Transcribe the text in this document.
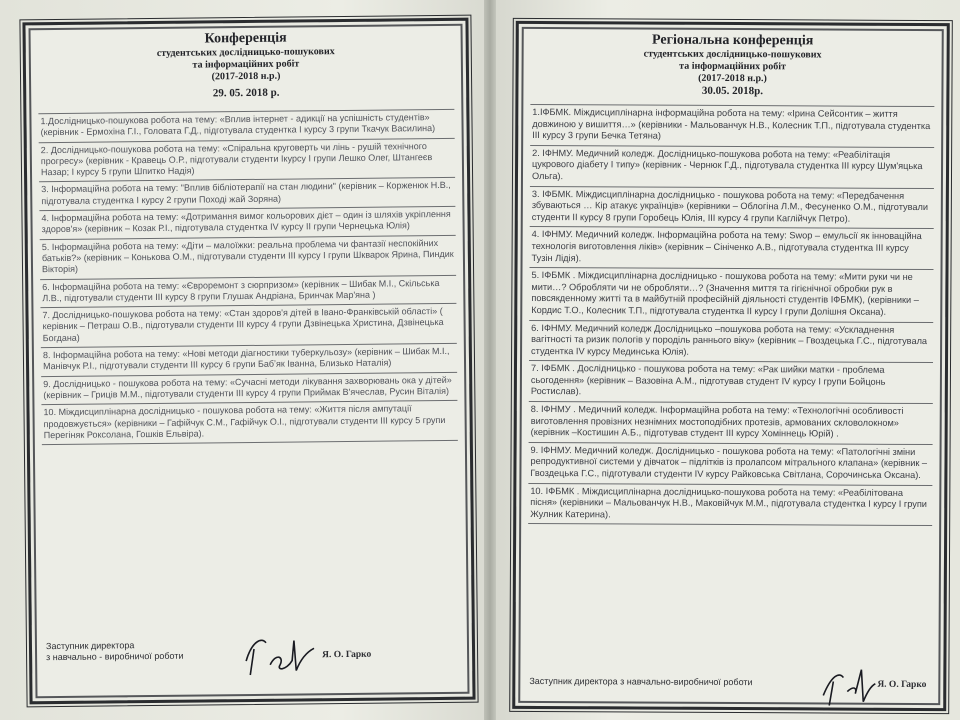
Конференція
студентських дослідницько-пошукових
та інформаційних робіт
(2017-2018 н.р.)
29. 05. 2018 р.
1.Дослідницько-пошукова робота на тему: «Вплив інтернет - адикції на успішність студентів» (керівник - Ермохіна Г.І., Головата Г.Д., підготувала студентка І курсу 3 групи Ткачук Василина)
2. Дослідницько-пошукова робота на тему: «Спіральна круговерть чи лінь - рушій технічного прогресу» (керівник - Кравець О.Р., підготували студенти Ікурсу І групи Лешко Олег, Штангеєв Назар; І курсу 5 групи Шпитко Надія)
3. Інформаційна робота на тему: "Вплив бібліотерапії на стан людини" (керівник – Корженюк Н.В., підготувала студентка І курсу 2 групи Поході жай Зоряна)
4. Інформаційна робота на тему: «Дотримання вимог кольорових дієт – один із шляхів укріплення здоров'я» (керівник – Козак Р.І., підготувала студентка IV курсу ІІ групи Чернецька Юлія)
5. Інформаційна робота на тему: «Діти – малоїжки: реальна проблема чи фантазії неспокійних батьків?» (керівник – Конькова О.М., підготували студенти ІІІ курсу І групи Шкварок Ярина, Пиндик Вікторія)
6. Інформаційна робота на тему: «Євроремонт з сюрпризом» (керівник – Шибак М.І., Скільська Л.В., підготували студенти ІІІ курсу 8 групи Глушак Андріана, Бринчак Мар'яна )
7. Дослідницько-пошукова робота на тему: «Стан здоров'я дітей в Івано-Франківській області» ( керівник – Петраш О.В., підготували студенти ІІІ курсу 4 групи Дзвінецька Христина, Дзвінецька Богдана)
8. Інформаційна робота на тему: «Нові методи діагностики туберкульозу» (керівник – Шибак М.І., Манівчук Р.І., підготували студенти ІІІ курсу 6 групи Бабʼяк Іванна, Близько Наталія)
9. Дослідницько - пошукова робота на тему: «Сучасні методи лікування захворювань ока у дітей» (керівник – Гриців М.М., підготували студенти ІІІ курсу 4 групи Приймак В'ячеслав, Русин Віталія)
10. Міждисциплінарна дослідницько - пошукова робота на тему: «Життя після ампутації продовжується» (керівники – Гафійчук С.М., Гафійчук О.І., підготували студенти ІІІ курсу 5 групи Перегіняк Роксолана, Гошків Ельвіра).
Заступник директора
з навчально - виробничої роботи	Я. О. Гарко
Регіональна конференція
студентських дослідницько-пошукових
та інформаційних робіт
(2017-2018 н.р.)
30.05. 2018р.
1.ІФБМК. Міждисциплінарна інформаційна робота на тему: «Ірина Сейсонтик – життя довжиною у вишиття…» (керівники - Мальованчук Н.В., Колесник Т.П., підготувала студентка ІІІ курсу 3 групи Бечка Тетяна)
2. ІФНМУ. Медичний коледж. Дослідницько-пошукова робота на тему: «Реабілітація цукрового діабету І типу» (керівник - Чернюк Г.Д., підготувала студентка ІІІ курсу Шум'яцька Ольга).
3. ІФБМК. Міждисциплінарна дослідницько - пошукова робота на тему: «Передбачення збуваються … Кір атакує українців» (керівники – Облогіна Л.М., Фесуненко О.М., підготували студенти ІІ курсу 8 групи Горобець Юлія, ІІІ курсу 4 групи Каглійчук Петро).
4. ІФНМУ. Медичний коледж. Інформаційна робота на тему: Swop – емульсії як інноваційна технологія виготовлення ліків» (керівник – Сініченко А.В., підготувала студентка ІІІ курсу Тузін Лідія).
5. ІФБМК . Міждисциплінарна дослідницько - пошукова робота на тему: «Мити руки чи не мити…? Обробляти чи не обробляти…? (Значення миття та гігієнічної обробки рук в повсякденному житті та в майбутній професійній діяльності студентів ІФБМК), (керівники – Кордис Т.О., Колесник Т.П., підготувала студентка ІІ курсу І групи Долішня Оксана).
6. ІФНМУ. Медичний коледж Дослідницько –пошукова робота на тему: «Ускладнення вагітності та ризик пологів у породіль раннього віку» (керівник – Гвоздецька Г.С., підготувала студентка IV курсу Мединська Юлія).
7. ІФБМК . Дослідницько - пошукова робота на тему: «Рак шийки матки - проблема сьогодення» (керівник – Вазовіна А.М., підготував студент IV курсу І групи Бойцонь Ростислав).
8. ІФНМУ . Медичний коледж. Інформаційна робота на тему: «Технологічні особливості виготовлення провізних незнімних мостоподібних протезів, армованих скловолокном» (керівник –Костишин А.Б., підготував студент ІІІ курсу Хоміннець Юрій) .
9. ІФНМУ. Медичний коледж. Дослідницько - пошукова робота на тему: «Патологічні зміни репродуктивної системи у дівчаток – підлітків із пролапсом мітрального клапана» (керівник – Гвоздецька Г.С., підготували студенти IV курсу Райковська Світлана, Сорочинська Оксана).
10. ІФБМК . Міждисциплінарна дослідницько-пошукова робота на тему: «Реабілітована пісня» (керівники – Мальованчук Н.В., Маковійчук М.М., підготувала студентка І курсу І групи Жулник Катерина).
Заступник директора з навчально-виробничої роботи	Я. О. Гарко
